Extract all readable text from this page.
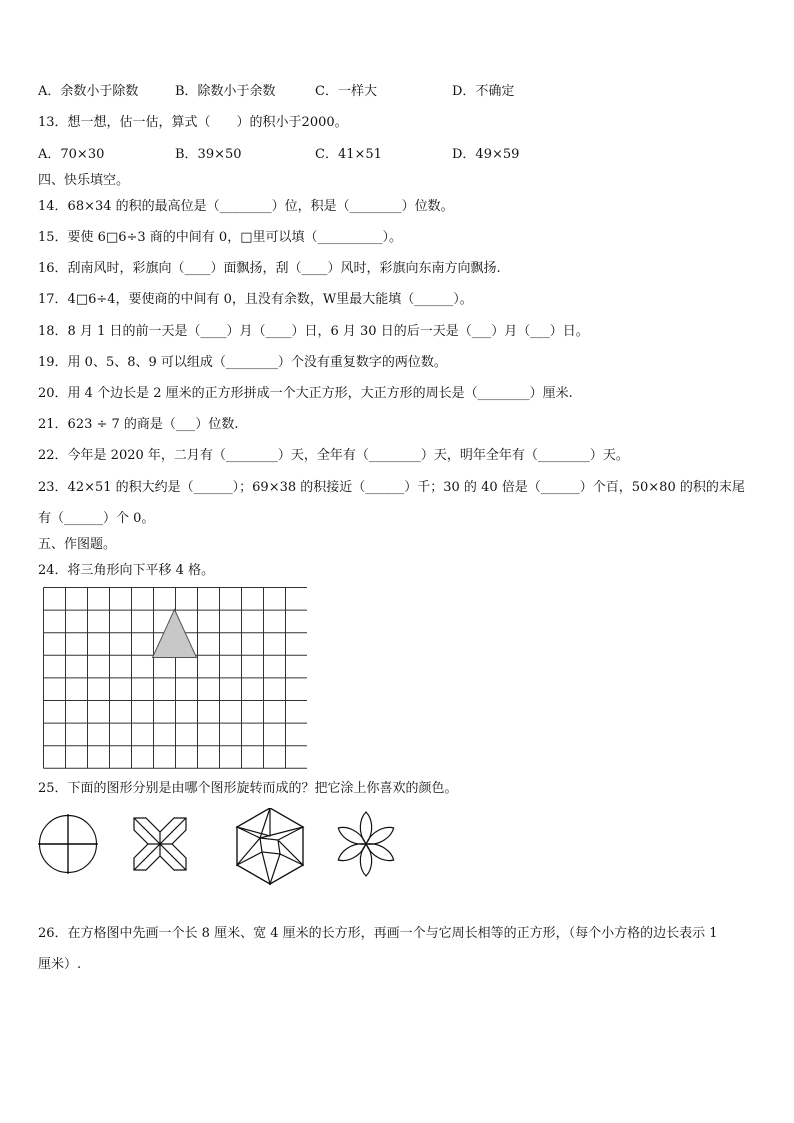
A．余数小于除数	B．除数小于余数	C．一样大	D．不确定
13．想一想，估一估，算式（　　）的积小于2000。
A．70×30	B．39×50	C．41×51	D．49×59
四、快乐填空。
14．68×34 的积的最高位是（________）位，积是（________）位数。
15．要使 6□6÷3 商的中间有 0，□里可以填（__________）。
16．刮南风时，彩旗向（____）面飘扬，刮（____）风时，彩旗向东南方向飘扬.
17．4□6÷4，要使商的中间有 0，且没有余数，W里最大能填（______）。
18．8 月 1 日的前一天是（____）月（____）日，6 月 30 日的后一天是（___）月（___）日。
19．用 0、5、8、9 可以组成（________）个没有重复数字的两位数。
20．用 4 个边长是 2 厘米的正方形拼成一个大正方形，大正方形的周长是（________）厘米.
21．623 ÷ 7 的商是（___）位数.
22．今年是 2020 年，二月有（________）天，全年有（________）天，明年全年有（________）天。
23．42×51 的积大约是（______）；69×38 的积接近（______）千；30 的 40 倍是（______）个百，50×80 的积的末尾
有（______）个 0。
五、作图题。
24．将三角形向下平移 4 格。
25．下面的图形分别是由哪个图形旋转而成的？把它涂上你喜欢的颜色。
26．在方格图中先画一个长 8 厘米、宽 4 厘米的长方形，再画一个与它周长相等的正方形，（每个小方格的边长表示 1
厘米）.
